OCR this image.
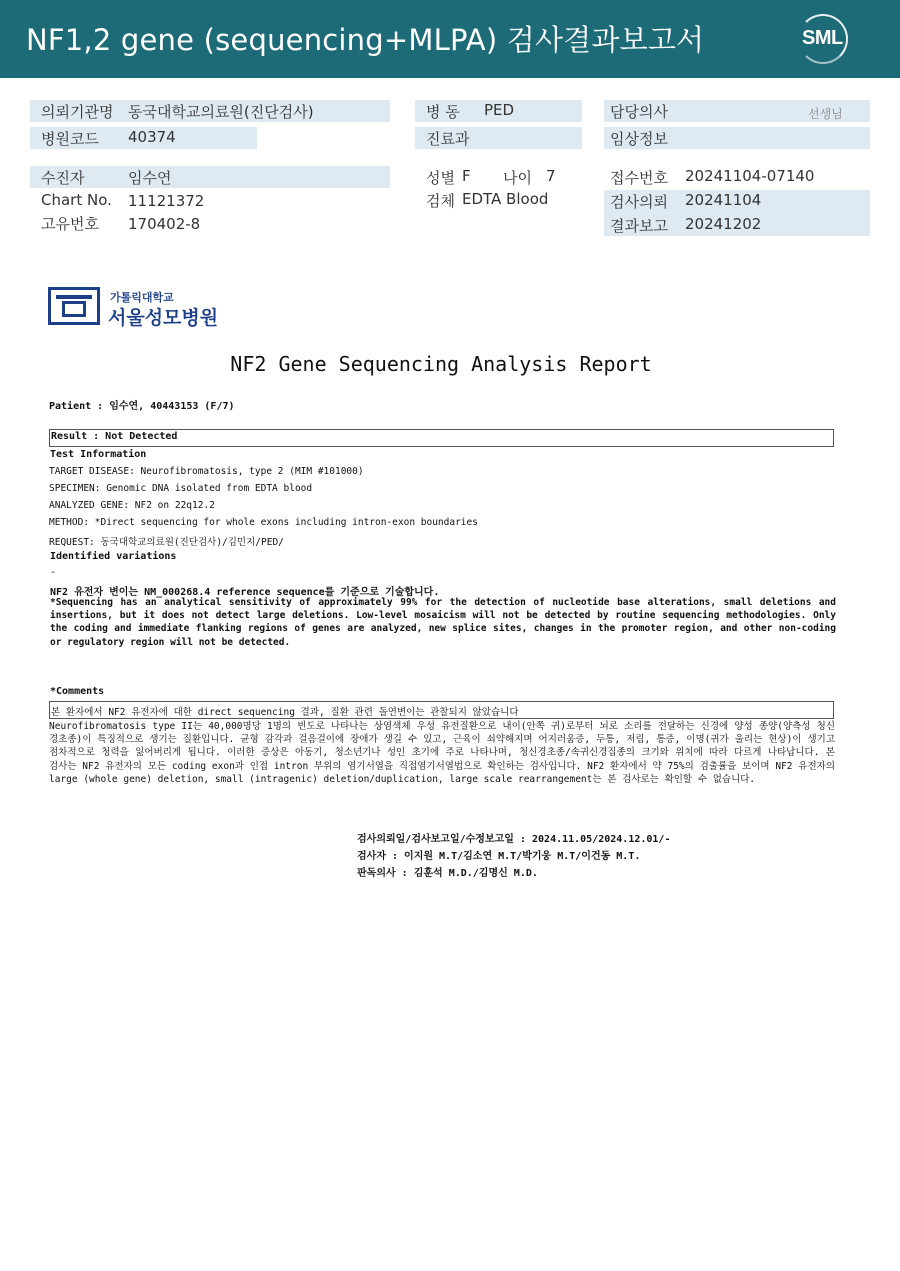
NF1,2 gene (sequencing+MLPA) 검사결과보고서	SML
의뢰기관명 동국대학교의료원(진단검사)	병 동 PED	담당의사	선생님
병원코드 40374	진료과	임상정보
수진자	임수연	성별 F 나이 7	접수번호 20241104-07140
Chart No. 11121372	검체 EDTA Blood	검사의뢰 20241104
고유번호 170402-8	결과보고 20241202
가톨릭대학교
서울성모병원
NF2 Gene Sequencing Analysis Report
Patient : 임수연, 40443153 (F/7)
Result : Not Detected
Test Information
TARGET DISEASE: Neurofibromatosis, type 2 (MIM #101000)
SPECIMEN: Genomic DNA isolated from EDTA blood
ANALYZED GENE: NF2 on 22q12.2
METHOD: *Direct sequencing for whole exons including intron-exon boundaries
REQUEST: 동국대학교의료원(진단검사)/김민지/PED/
Identified variations
-
NF2 유전자 변이는 NM_000268.4 reference sequence를 기준으로 기술합니다.
*Sequencing has an analytical sensitivity of approximately 99% for the detection of nucleotide base alterations, small deletions and insertions, but it does not detect large deletions. Low-level mosaicism will not be detected by routine sequencing methodologies. Only the coding and immediate flanking regions of genes are analyzed, new splice sites, changes in the promoter region, and other non-coding or regulatory region will not be detected.
*Comments
본 환자에서 NF2 유전자에 대한 direct sequencing 결과, 질환 관련 돌연변이는 관찰되지 않았습니다
Neurofibromatosis type II는 40,000명당 1명의 빈도로 나타나는 상염색체 우성 유전질환으로 내이(안쪽 귀)로부터 뇌로 소리를 전달하는 신경에 양성 종양(양측성 청신경초종)이 특징적으로 생기는 질환입니다. 균형 감각과 걸음걸이에 장애가 생길 수 있고, 근육이 쇠약해지며 어지러움증, 두통, 저림, 통증, 이명(귀가 울리는 현상)이 생기고 점차적으로 청력을 잃어버리게 됩니다. 이러한 증상은 아동기, 청소년기나 성인 초기에 주로 나타나며, 청신경초종/속귀신경집종의 크기와 위치에 따라 다르게 나타납니다. 본 검사는 NF2 유전자의 모든 coding exon과 인접 intron 부위의 염기서열을 직접염기서열법으로 확인하는 검사입니다. NF2 환자에서 약 75%의 검출률을 보이며 NF2 유전자의 large (whole gene) deletion, small (intragenic) deletion/duplication, large scale rearrangement는 본 검사로는 확인할 수 없습니다.
검사의뢰일/검사보고일/수정보고일 : 2024.11.05/2024.12.01/-
검사자 : 이지원 M.T/김소연 M.T/박기웅 M.T/이건동 M.T.
판독의사 : 김훈석 M.D./김명신 M.D.
